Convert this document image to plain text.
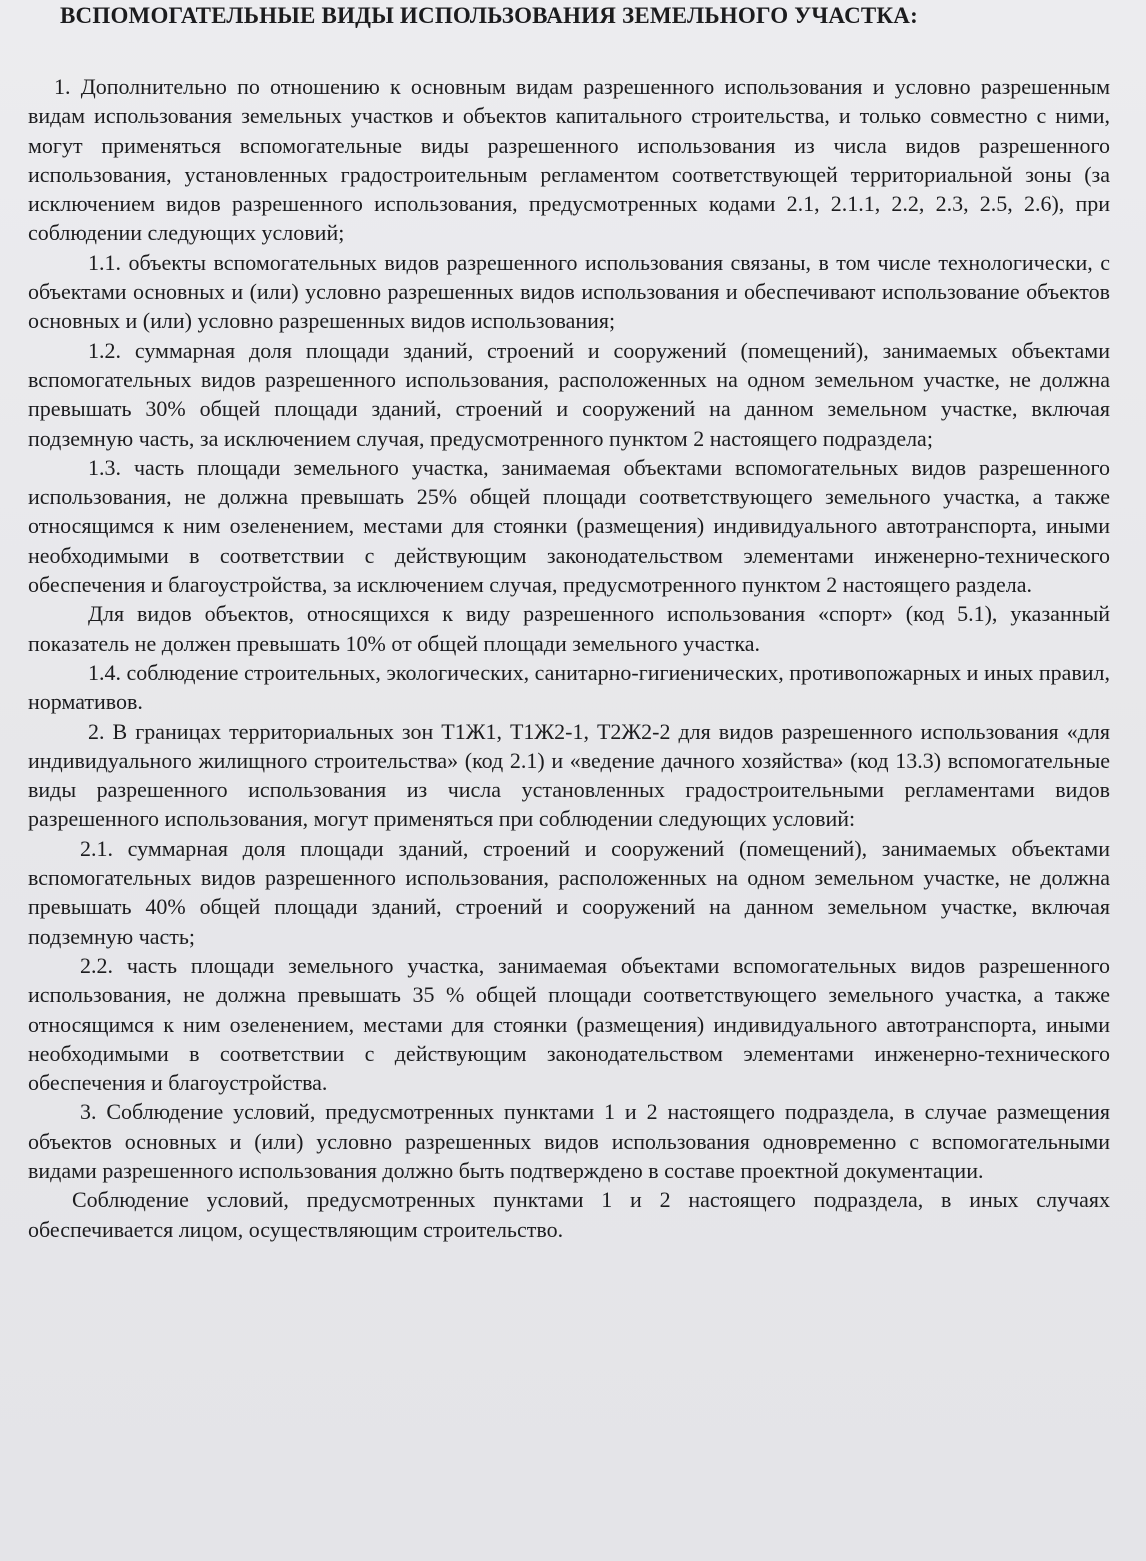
ВСПОМОГАТЕЛЬНЫЕ ВИДЫ ИСПОЛЬЗОВАНИЯ ЗЕМЕЛЬНОГО УЧАСТКА:

1. Дополнительно по отношению к основным видам разрешенного использования и условно разрешенным видам использования земельных участков и объектов капитального строительства, и только совместно с ними, могут применяться вспомогательные виды разрешенного использования из числа видов разрешенного использования, установленных градостроительным регламентом соответствующей территориальной зоны (за исключением видов разрешенного использования, предусмотренных кодами 2.1, 2.1.1, 2.2, 2.3, 2.5, 2.6), при соблюдении следующих условий;

1.1. объекты вспомогательных видов разрешенного использования связаны, в том числе технологически, с объектами основных и (или) условно разрешенных видов использования и обеспечивают использование объектов основных и (или) условно разрешенных видов использования;

1.2. суммарная доля площади зданий, строений и сооружений (помещений), занимаемых объектами вспомогательных видов разрешенного использования, расположенных на одном земельном участке, не должна превышать 30% общей площади зданий, строений и сооружений на данном земельном участке, включая подземную часть, за исключением случая, предусмотренного пунктом 2 настоящего подраздела;

1.3. часть площади земельного участка, занимаемая объектами вспомогательных видов разрешенного использования, не должна превышать 25% общей площади соответствующего земельного участка, а также относящимся к ним озеленением, местами для стоянки (размещения) индивидуального автотранспорта, иными необходимыми в соответствии с действующим законодательством элементами инженерно-технического обеспечения и благоустройства, за исключением случая, предусмотренного пунктом 2 настоящего раздела.

Для видов объектов, относящихся к виду разрешенного использования «спорт» (код 5.1), указанный показатель не должен превышать 10% от общей площади земельного участка.

1.4. соблюдение строительных, экологических, санитарно-гигиенических, противопожарных и иных правил, нормативов.

2. В границах территориальных зон Т1Ж1, Т1Ж2-1, Т2Ж2-2 для видов разрешенного использования «для индивидуального жилищного строительства» (код 2.1) и «ведение дачного хозяйства» (код 13.3) вспомогательные виды разрешенного использования из числа установленных градостроительными регламентами видов разрешенного использования, могут применяться при соблюдении следующих условий:

2.1. суммарная доля площади зданий, строений и сооружений (помещений), занимаемых объектами вспомогательных видов разрешенного использования, расположенных на одном земельном участке, не должна превышать 40% общей площади зданий, строений и сооружений на данном земельном участке, включая подземную часть;

2.2. часть площади земельного участка, занимаемая объектами вспомогательных видов разрешенного использования, не должна превышать 35 % общей площади соответствующего земельного участка, а также относящимся к ним озеленением, местами для стоянки (размещения) индивидуального автотранспорта, иными необходимыми в соответствии с действующим законодательством элементами инженерно-технического обеспечения и благоустройства.

3. Соблюдение условий, предусмотренных пунктами 1 и 2 настоящего подраздела, в случае размещения объектов основных и (или) условно разрешенных видов использования одновременно с вспомогательными видами разрешенного использования должно быть подтверждено в составе проектной документации.

Соблюдение условий, предусмотренных пунктами 1 и 2 настоящего подраздела, в иных случаях обеспечивается лицом, осуществляющим строительство.
